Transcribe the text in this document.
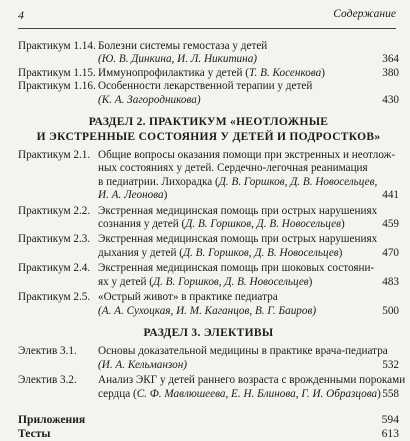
4	Содержание
Практикум 1.14. Болезни системы гемостаза у детей
(Ю. В. Динкина, И. Л. Никитина)	364
Практикум 1.15. Иммунопрофилактика у детей (Т. В. Косенкова)	380
Практикум 1.16. Особенности лекарственной терапии у детей
(К. А. Загородникова)	430
РАЗДЕЛ 2. ПРАКТИКУМ «НЕОТЛОЖНЫЕ
И ЭКСТРЕННЫЕ СОСТОЯНИЯ У ДЕТЕЙ И ПОДРОСТКОВ»
Практикум 2.1. Общие вопросы оказания помощи при экстренных и неотлож-
ных состояниях у детей. Сердечно-легочная реанимация
в педиатрии. Лихорадка (Д. В. Горшков, Д. В. Новосельцев,
И. А. Леонова)	441
Практикум 2.2. Экстренная медицинская помощь при острых нарушениях
сознания у детей (Д. В. Горшков, Д. В. Новосельцев)	459
Практикум 2.3. Экстренная медицинская помощь при острых нарушениях
дыхания у детей (Д. В. Горшков, Д. В. Новосельцев)	470
Практикум 2.4. Экстренная медицинская помощь при шоковых состояни-
ях у детей (Д. В. Горшков, Д. В. Новосельцев)	483
Практикум 2.5. «Острый живот» в практике педиатра
(А. А. Сухоцкая, И. М. Каганцов, В. Г. Баиров)	500
РАЗДЕЛ 3. ЭЛЕКТИВЫ
Электив 3.1. Основы доказательной медицины в практике врача-педиатра
(И. А. Кельманзон)	532
Электив 3.2. Анализ ЭКГ у детей раннего возраста с врожденными пороками
сердца (С. Ф. Мавлюшеева, Е. Н. Блинова, Г. И. Образцова) 558
Приложения	594
Тесты	613
